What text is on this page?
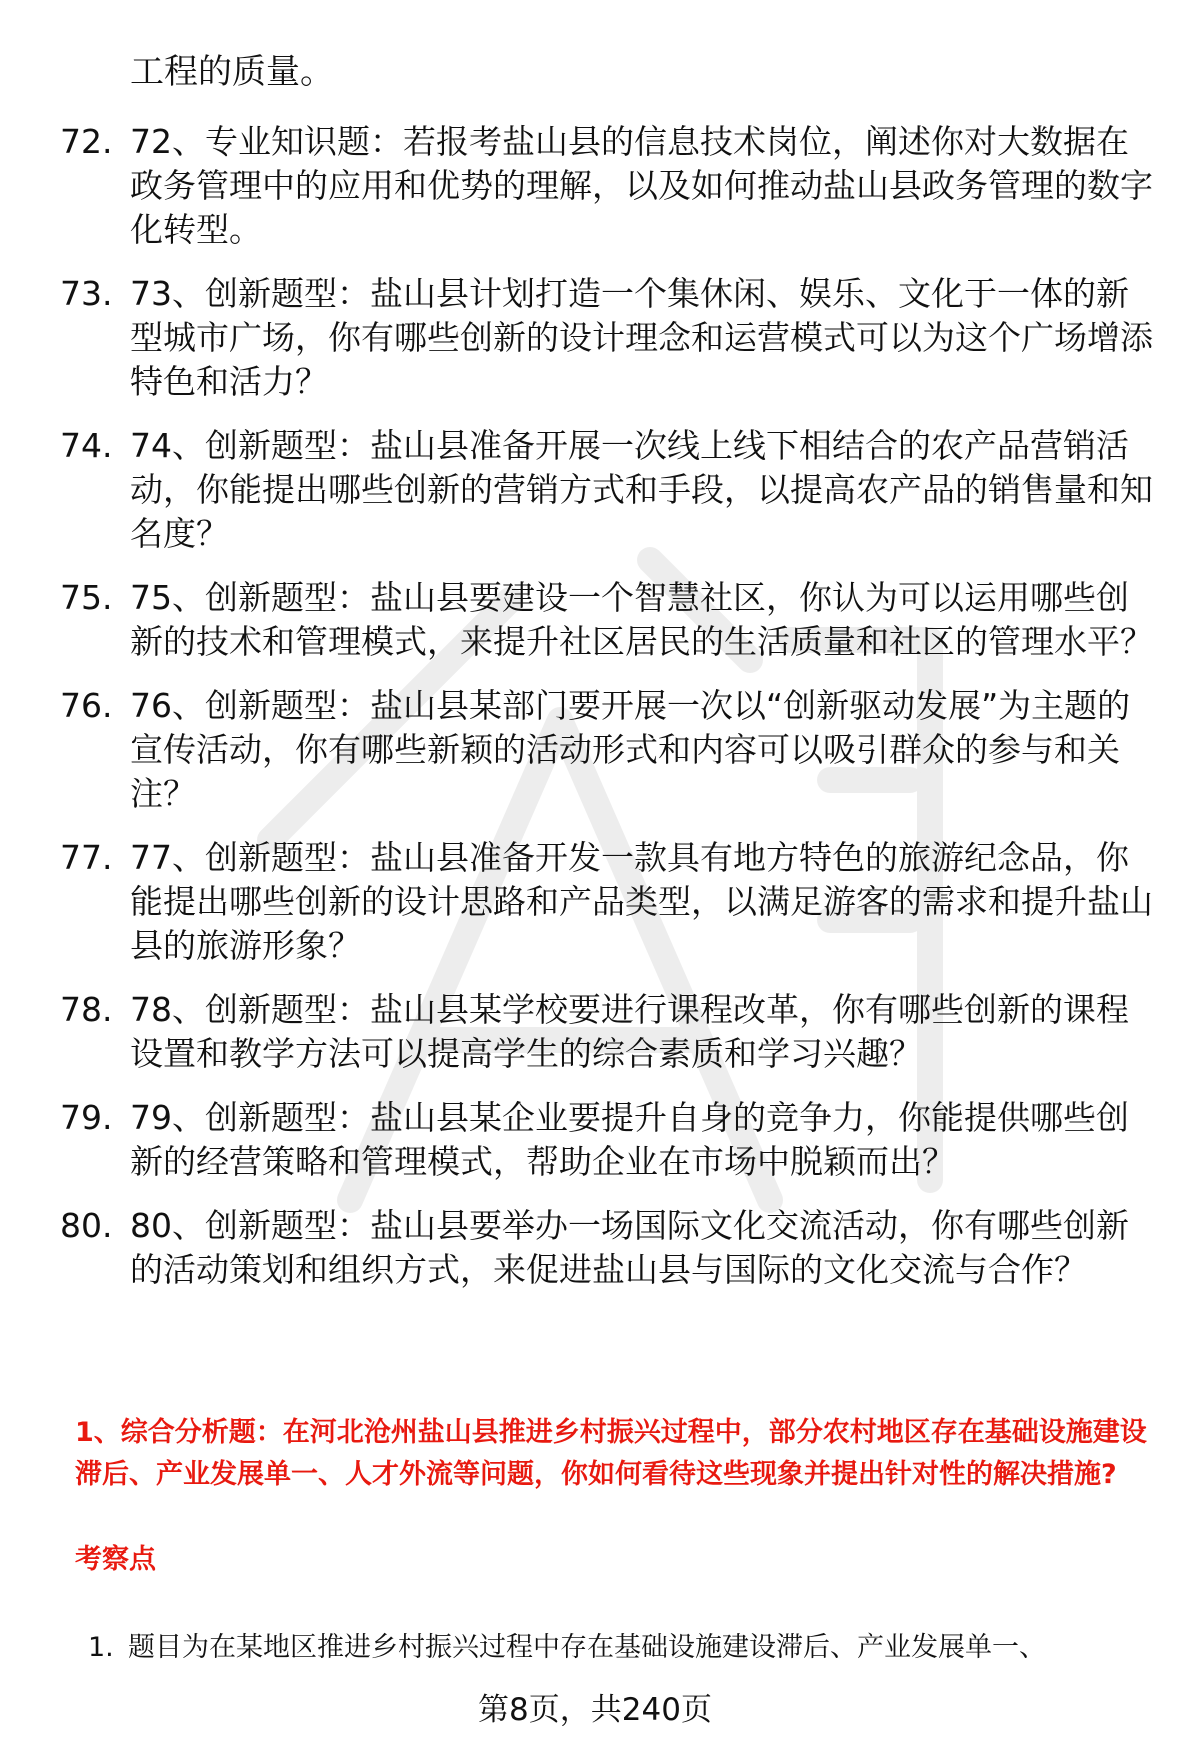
工程的质量。
72. 72、专业知识题：若报考盐山县的信息技术岗位，阐述你对大数据在政务管理中的应用和优势的理解，以及如何推动盐山县政务管理的数字化转型。
73. 73、创新题型：盐山县计划打造一个集休闲、娱乐、文化于一体的新型城市广场，你有哪些创新的设计理念和运营模式可以为这个广场增添特色和活力？
74. 74、创新题型：盐山县准备开展一次线上线下相结合的农产品营销活动，你能提出哪些创新的营销方式和手段，以提高农产品的销售量和知名度？
75. 75、创新题型：盐山县要建设一个智慧社区，你认为可以运用哪些创新的技术和管理模式，来提升社区居民的生活质量和社区的管理水平？
76. 76、创新题型：盐山县某部门要开展一次以“创新驱动发展”为主题的宣传活动，你有哪些新颖的活动形式和内容可以吸引群众的参与和关注？
77. 77、创新题型：盐山县准备开发一款具有地方特色的旅游纪念品，你能提出哪些创新的设计思路和产品类型，以满足游客的需求和提升盐山县的旅游形象？
78. 78、创新题型：盐山县某学校要进行课程改革，你有哪些创新的课程设置和教学方法可以提高学生的综合素质和学习兴趣？
79. 79、创新题型：盐山县某企业要提升自身的竞争力，你能提供哪些创新的经营策略和管理模式，帮助企业在市场中脱颖而出？
80. 80、创新题型：盐山县要举办一场国际文化交流活动，你有哪些创新的活动策划和组织方式，来促进盐山县与国际的文化交流与合作？
1、综合分析题：在河北沧州盐山县推进乡村振兴过程中，部分农村地区存在基础设施建设滞后、产业发展单一、人才外流等问题，你如何看待这些现象并提出针对性的解决措施?
考察点
1. 题目为在某地区推进乡村振兴过程中存在基础设施建设滞后、产业发展单一、
第8页，共240页
